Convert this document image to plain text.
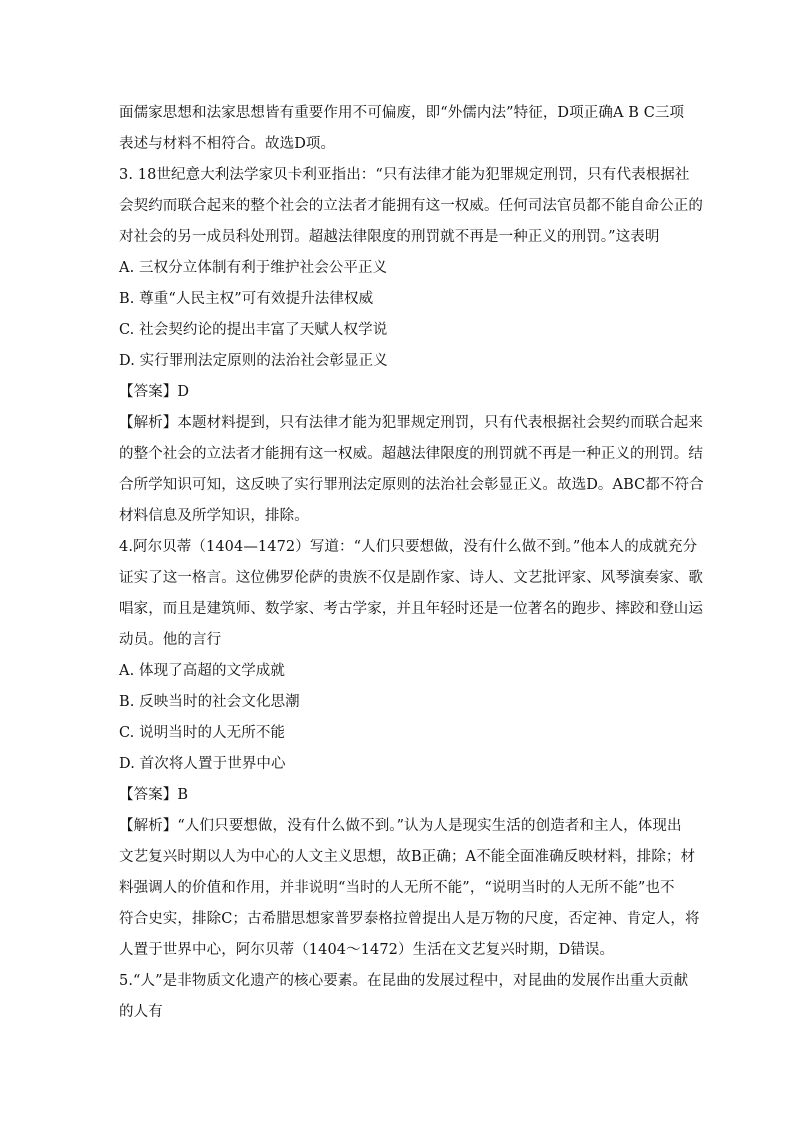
面儒家思想和法家思想皆有重要作用不可偏废，即“外儒内法”特征，D项正确A B C三项
表述与材料不相符合。故选D项。
3. 18世纪意大利法学家贝卡利亚指出：“只有法律才能为犯罪规定刑罚，只有代表根据社
会契约而联合起来的整个社会的立法者才能拥有这一权威。任何司法官员都不能自命公正的
对社会的另一成员科处刑罚。超越法律限度的刑罚就不再是一种正义的刑罚。”这表明
A. 三权分立体制有利于维护社会公平正义
B. 尊重“人民主权”可有效提升法律权威
C. 社会契约论的提出丰富了天赋人权学说
D. 实行罪刑法定原则的法治社会彰显正义
【答案】D
【解析】本题材料提到，只有法律才能为犯罪规定刑罚，只有代表根据社会契约而联合起来
的整个社会的立法者才能拥有这一权威。超越法律限度的刑罚就不再是一种正义的刑罚。结
合所学知识可知，这反映了实行罪刑法定原则的法治社会彰显正义。故选D。ABC都不符合
材料信息及所学知识，排除。
4.阿尔贝蒂（1404—1472）写道：“人们只要想做，没有什么做不到。”他本人的成就充分
证实了这一格言。这位佛罗伦萨的贵族不仅是剧作家、诗人、文艺批评家、风琴演奏家、歌
唱家，而且是建筑师、数学家、考古学家，并且年轻时还是一位著名的跑步、摔跤和登山运
动员。他的言行
A. 体现了高超的文学成就
B. 反映当时的社会文化思潮
C. 说明当时的人无所不能
D. 首次将人置于世界中心
【答案】B
【解析】“人们只要想做，没有什么做不到。”认为人是现实生活的创造者和主人，体现出
文艺复兴时期以人为中心的人文主义思想，故B正确；A不能全面准确反映材料，排除；材
料强调人的价值和作用，并非说明“当时的人无所不能”，“说明当时的人无所不能”也不
符合史实，排除C；古希腊思想家普罗泰格拉曾提出人是万物的尺度，否定神、肯定人，将
人置于世界中心，阿尔贝蒂（1404～1472）生活在文艺复兴时期，D错误。
5.“人”是非物质文化遗产的核心要素。在昆曲的发展过程中，对昆曲的发展作出重大贡献
的人有
